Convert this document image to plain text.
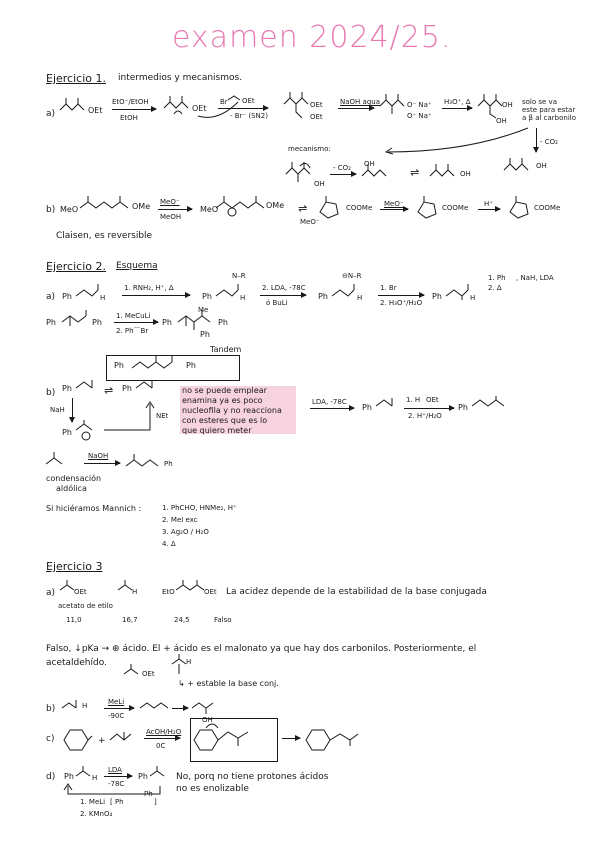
examen 2024/25.
Ejercicio 1. intermedios y mecanismos.
a)	OEt
EtO⁻/EtOH
EtOH
OEt
Br OEt
- Br⁻ (SN2)
OEt
OEt
NaOH agua	O⁻ Na⁺
O⁻ Na⁺
H₃O⁺, Δ	OH
OH
solo se va
este para estar
a β al carbonilo
- CO₂
OH
mecanismo:
OH
- CO₂ OH
⇌	OH
b) MeO	OMe MeO⁻
MeOH
MeO	OMe ⇌	COOMe
MeO⁻
MeO⁻	COOMe H⁺	COOMe
Claisen, es reversible
Ejercicio 2. Esquema
a) Ph	H
1. RNH₂, H⁺, Δ
Ph
N–R
H
2. LDA, -78C
ó BuLi
Ph
⊖N–R
H
1. Br
2. H₃O⁺/H₂O
Ph	H
1. Ph , NaH, LDA
2. Δ
Ph	Ph
1. MeCuLi
2. Ph⌒Br
Ph
Me
Ph
Ph
Tandem
Ph	Ph
b) Ph	⇌ Ph
NaH
Ph
NEt
no se puede emplear
enamina ya es poco
nucleofila y no reacciona
con esteres que es lo
que quiero meter
LDA, -78C
Ph
1. H OEt
2. H⁺/H₂O
Ph
NaOH
Ph
condensación
aldólica
Si hiciéramos Mannich :	1. PhCHO, HNMe₂, H⁺
2. MeI exc
3. Ag₂O / H₂O
4. Δ
Ejercicio 3
a)	OEt	H	EtO	OEt La acidez depende de la estabilidad de la base conjugada
acetato de etilo
11,0	16,7	24,5	Falso
Falso, ↓pKa → ⊕ ácido. El + ácido es el malonato ya que hay dos carbonilos. Posteriormente, el
acetaldehído.
OEt
H
↳ + estable la base conj.
b)	H	MeLi
-90C	OH
c)	+
AcOH/H₂O
0C
d) Ph	H
LDA
-78C
Ph	No, porq no tiene protones ácidos
no es enolizable
1. MeLi [ Ph
Ph
]
2. KMnO₄
